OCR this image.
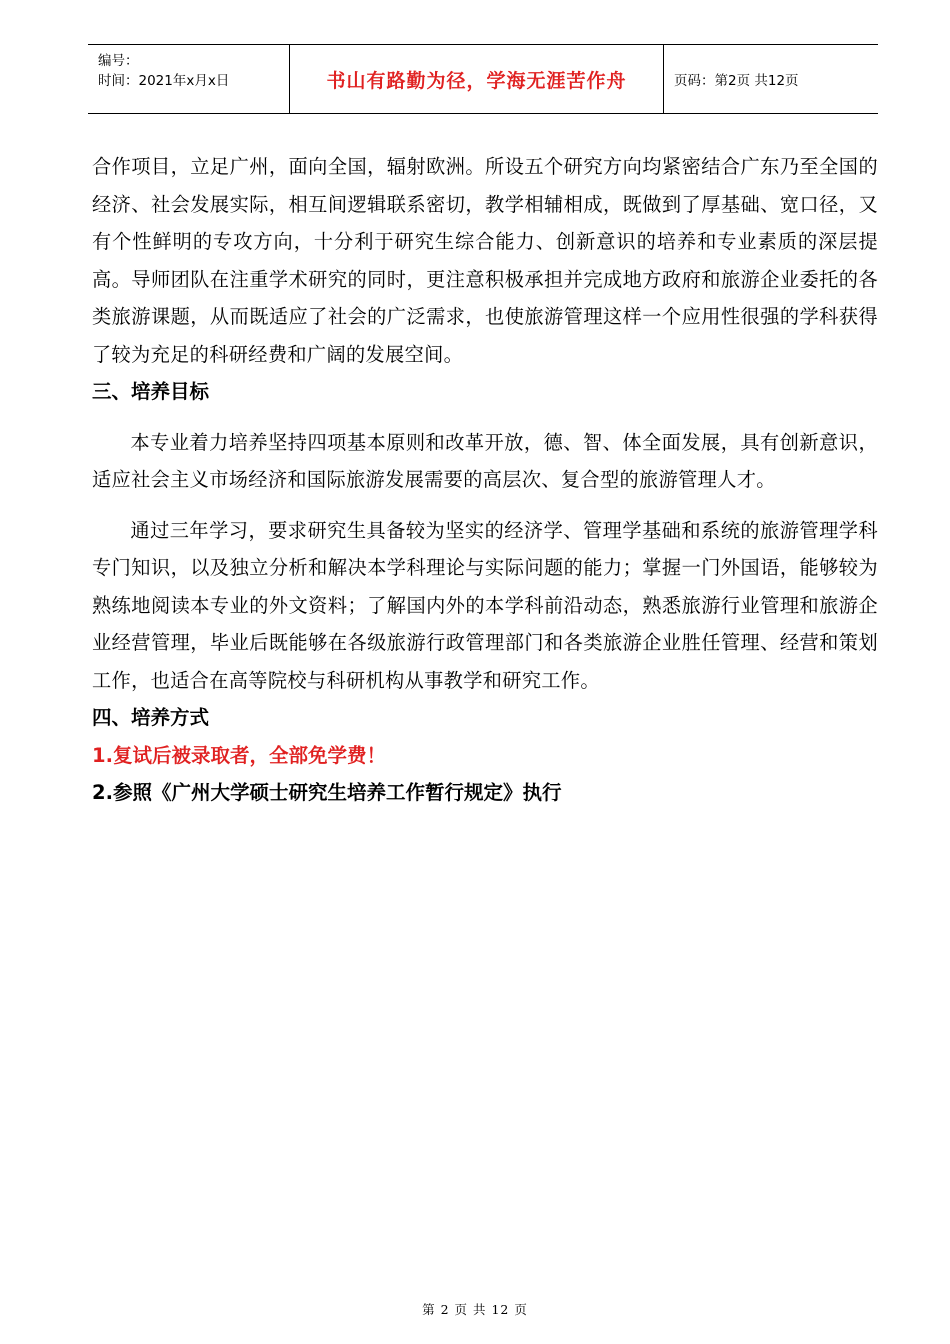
编号：
时间：2021年x月x日	书山有路勤为径，学海无涯苦作舟	页码：第2页 共12页

合作项目，立足广州，面向全国，辐射欧洲。所设五个研究方向均紧密结合广东乃至全国的经济、社会发展实际，相互间逻辑联系密切，教学相辅相成，既做到了厚基础、宽口径，又有个性鲜明的专攻方向，十分利于研究生综合能力、创新意识的培养和专业素质的深层提高。导师团队在注重学术研究的同时，更注意积极承担并完成地方政府和旅游企业委托的各类旅游课题，从而既适应了社会的广泛需求，也使旅游管理这样一个应用性很强的学科获得了较为充足的科研经费和广阔的发展空间。

三、培养目标

本专业着力培养坚持四项基本原则和改革开放，德、智、体全面发展，具有创新意识，适应社会主义市场经济和国际旅游发展需要的高层次、复合型的旅游管理人才。

通过三年学习，要求研究生具备较为坚实的经济学、管理学基础和系统的旅游管理学科专门知识，以及独立分析和解决本学科理论与实际问题的能力；掌握一门外国语，能够较为熟练地阅读本专业的外文资料；了解国内外的本学科前沿动态，熟悉旅游行业管理和旅游企业经营管理，毕业后既能够在各级旅游行政管理部门和各类旅游企业胜任管理、经营和策划工作，也适合在高等院校与科研机构从事教学和研究工作。

四、培养方式

1.复试后被录取者，全部免学费！

2.参照《广州大学硕士研究生培养工作暂行规定》执行

第 2 页 共 12 页
